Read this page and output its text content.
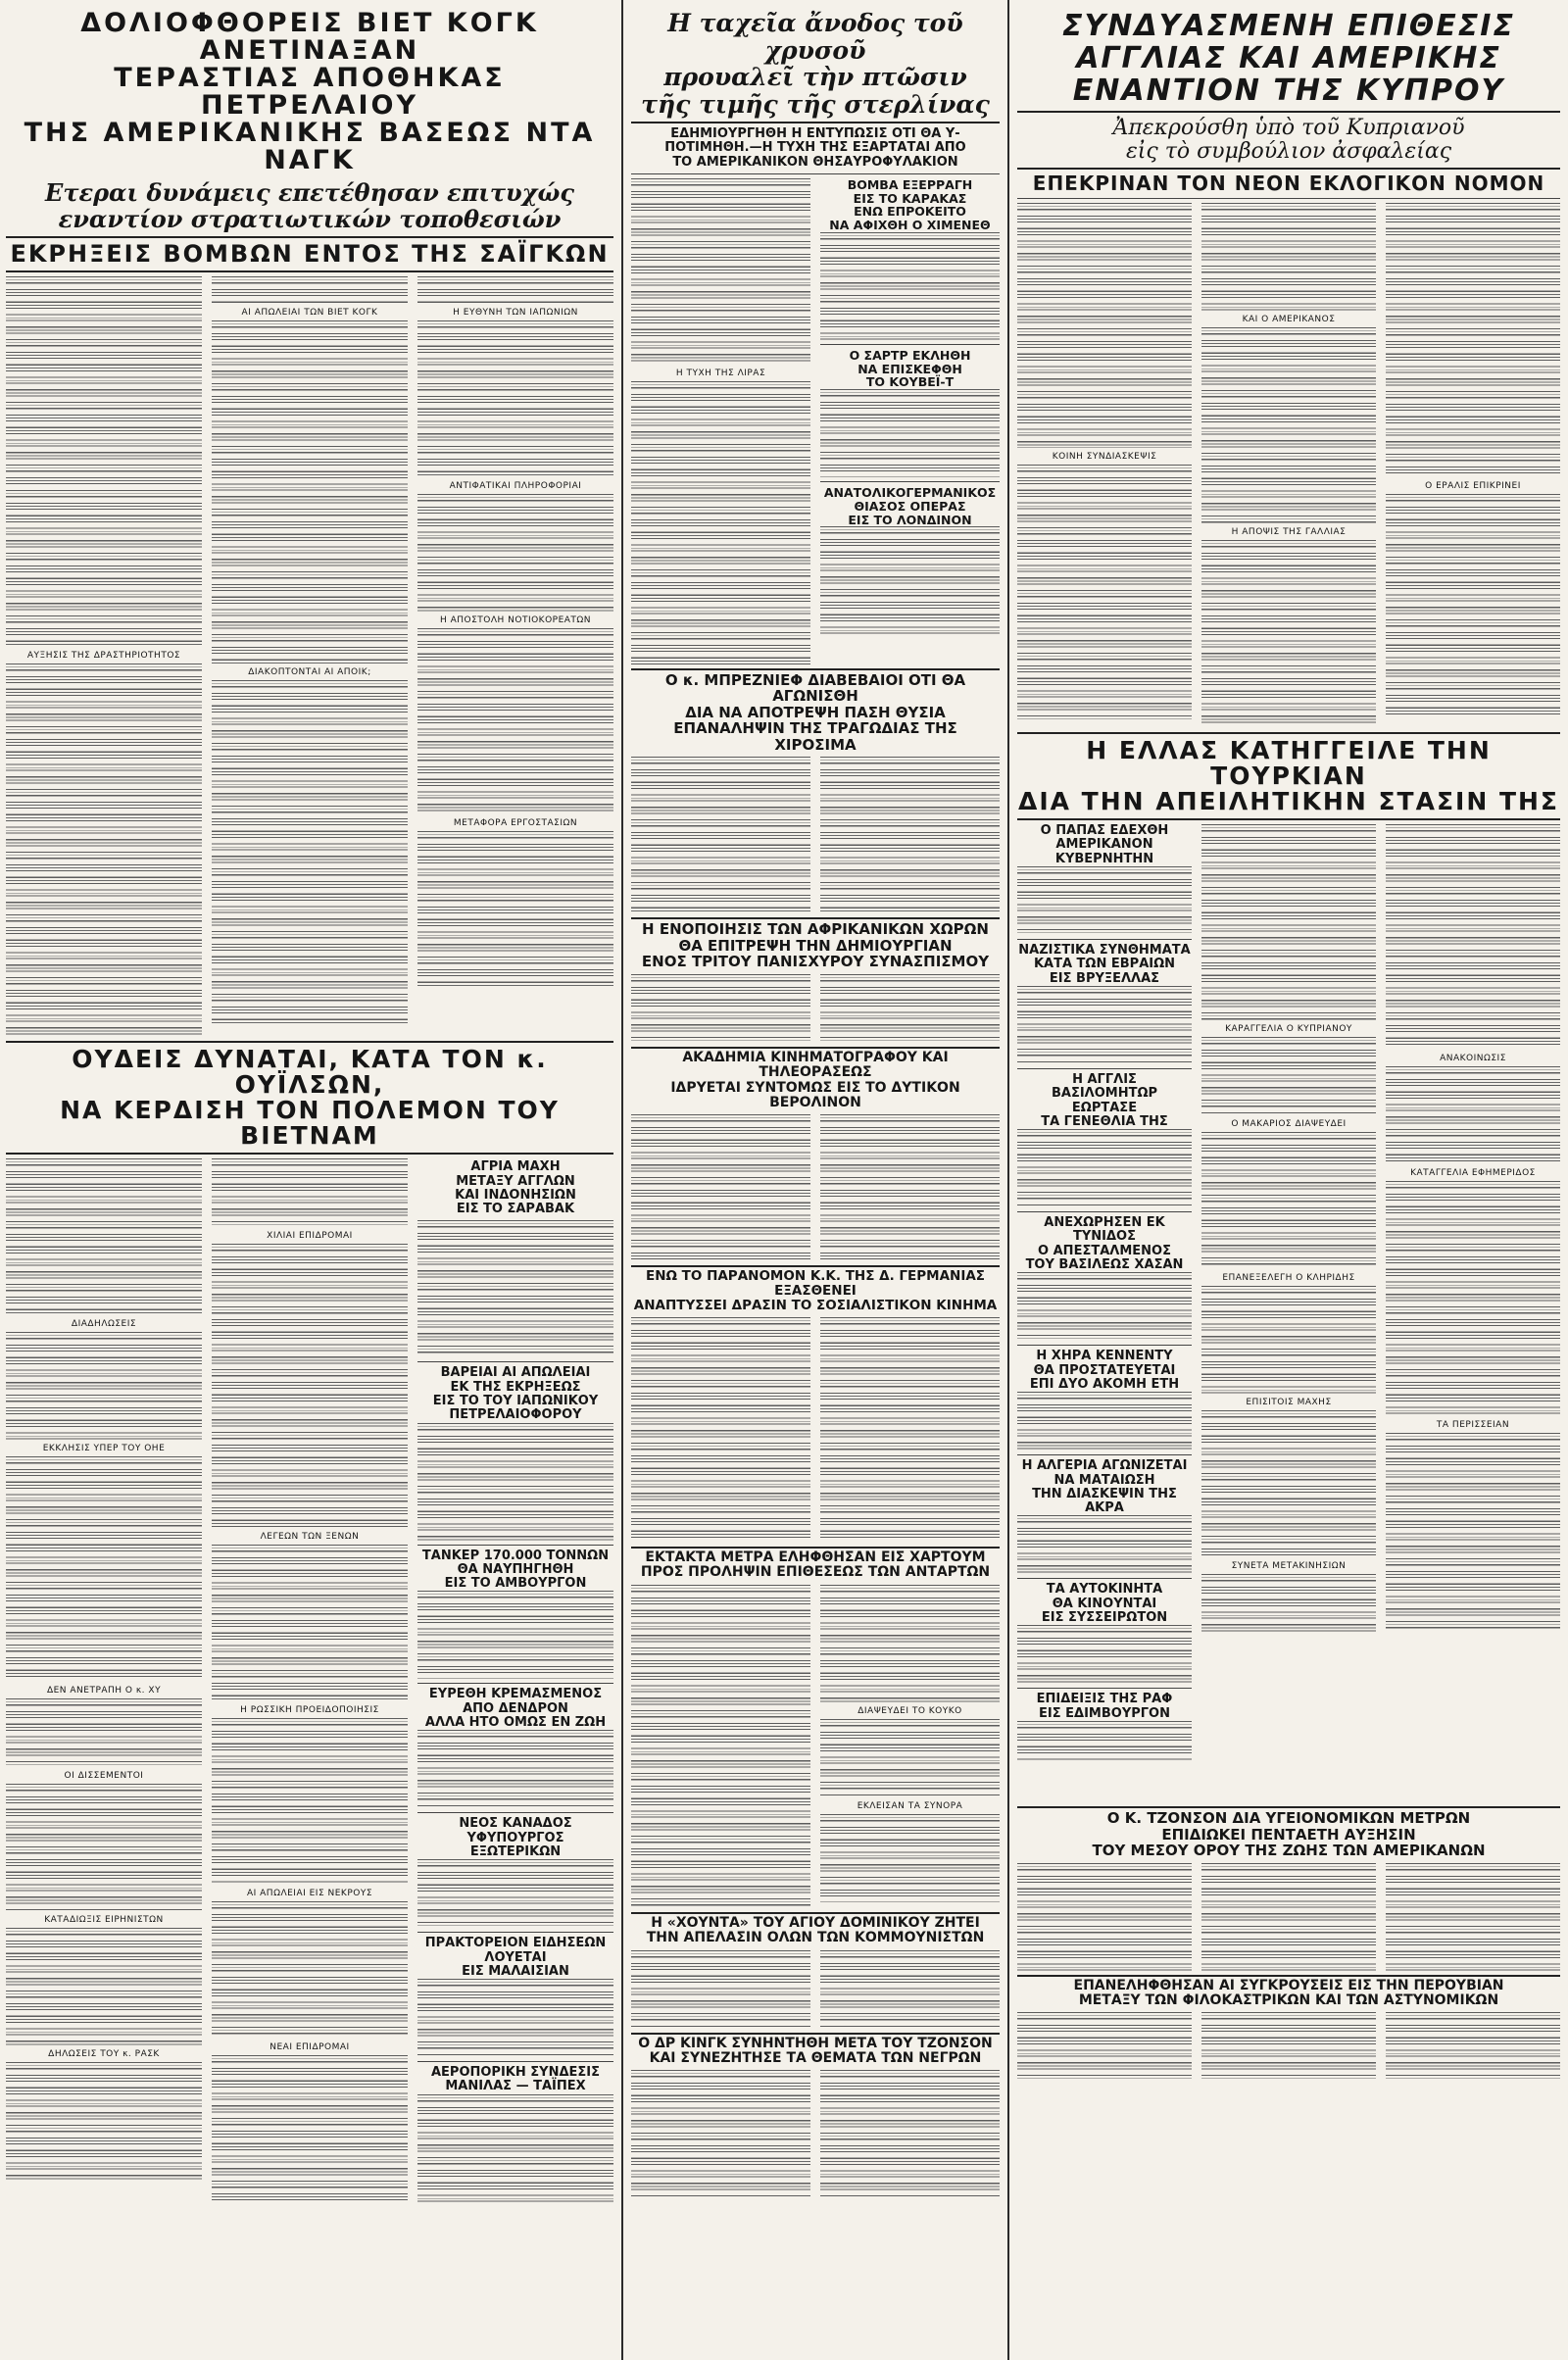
ΔΟΛΙΟΦΘΟΡΕΙΣ ΒΙΕΤ ΚΟΓΚ ΑΝΕΤΙΝΑΞΑΝ
ΤΕΡΑΣΤΙΑΣ ΑΠΟΘΗΚΑΣ ΠΕΤΡΕΛΑΙΟΥ
ΤΗΣ ΑΜΕΡΙΚΑΝΙΚΗΣ ΒΑΣΕΩΣ ΝΤΑ ΝΑΓΚ
Ετεραι δυνάμεις επετέθησαν επιτυχώς
εναντίον στρατιωτικών τοποθεσιών
ΕΚΡΗΞΕΙΣ ΒΟΜΒΩΝ ΕΝΤΟΣ ΤΗΣ ΣΑΪΓΚΩΝ

ΑΥΞΗΣΙΣ ΤΗΣ ΔΡΑΣΤΗΡΙΟΤΗΤΟΣ

ΑΙ ΑΠΩΛΕΙΑΙ ΤΩΝ ΒΙΕΤ ΚΟΓΚ

ΔΙΑΚΟΠΤΟΝΤΑΙ ΑΙ ΑΠΟΙΚ;

Η ΕΥΘΥΝΗ ΤΩΝ ΙΑΠΩΝΙΩΝ

ΑΝΤΙΦΑΤΙΚΑΙ ΠΛΗΡΟΦΟΡΙΑΙ

Η ΑΠΟΣΤΟΛΗ ΝΟΤΙΟΚΟΡΕΑΤΩΝ

ΜΕΤΑΦΟΡΑ ΕΡΓΟΣΤΑΣΙΩΝ

ΟΥΔΕΙΣ ΔΥΝΑΤΑΙ, ΚΑΤΑ ΤΟΝ κ. ΟΥΪΛΣΩΝ,
ΝΑ ΚΕΡΔΙΣΗ ΤΟΝ ΠΟΛΕΜΟΝ ΤΟΥ ΒΙΕΤΝΑΜ

ΔΙΑΔΗΛΩΣΕΙΣ

ΕΚΚΛΗΣΙΣ ΥΠΕΡ ΤΟΥ ΟΗΕ

ΔΕΝ ΑΝΕΤΡΑΠΗ Ο κ. ΧΥ

ΟΙ ΔΙΣΣΕΜΕΝΤΟΙ

ΚΑΤΑΔΙΩΞΙΣ ΕΙΡΗΝΙΣΤΩΝ

ΔΗΛΩΣΕΙΣ ΤΟΥ κ. ΡΑΣΚ

ΧΙΛΙΑΙ ΕΠΙΔΡΟΜΑΙ

ΛΕΓΕΩΝ ΤΩΝ ΞΕΝΩΝ

Η ΡΩΣΣΙΚΗ ΠΡΟΕΙΔΟΠΟΙΗΣΙΣ

ΑΙ ΑΠΩΛΕΙΑΙ ΕΙΣ ΝΕΚΡΟΥΣ

ΝΕΑΙ ΕΠΙΔΡΟΜΑΙ

ΑΓΡΙΑ ΜΑΧΗ
ΜΕΤΑΞΥ ΑΓΓΛΩΝ
ΚΑΙ ΙΝΔΟΝΗΣΙΩΝ
ΕΙΣ ΤΟ ΣΑΡΑΒΑΚ

ΒΑΡΕΙΑΙ ΑΙ ΑΠΩΛΕΙΑΙ
ΕΚ ΤΗΣ ΕΚΡΗΞΕΩΣ
ΕΙΣ ΤΟ ΤΟΥ ΙΑΠΩΝΙΚΟΥ
ΠΕΤΡΕΛΑΙΟΦΟΡΟΥ

ΤΑΝΚΕΡ 170.000 ΤΟΝΝΩΝ
ΘΑ ΝΑΥΠΗΓΗΘΗ
ΕΙΣ ΤΟ ΑΜΒΟΥΡΓΟΝ

ΕΥΡΕΘΗ ΚΡΕΜΑΣΜΕΝΟΣ
ΑΠΟ ΔΕΝΔΡΟΝ
ΑΛΛΑ ΗΤΟ ΟΜΩΣ ΕΝ ΖΩΗ

ΝΕΟΣ ΚΑΝΑΔΟΣ
ΥΦΥΠΟΥΡΓΟΣ
ΕΞΩΤΕΡΙΚΩΝ

ΠΡΑΚΤΟΡΕΙΟΝ ΕΙΔΗΣΕΩΝ
ΛΟΥΕΤΑΙ
ΕΙΣ ΜΑΛΑΙΣΙΑΝ

ΑΕΡΟΠΟΡΙΚΗ ΣΥΝΔΕΣΙΣ
ΜΑΝΙΛΑΣ — ΤΑΪΠΕΧ

Η ταχεῖα ἄνοδος τοῦ χρυσοῦ
προυαλεῖ τὴν πτῶσιν
τῆς τιμῆς τῆς στερλίνας
ΕΔΗΜΙΟΥΡΓΗΘΗ Η ΕΝΤΥΠΩΣΙΣ ΟΤΙ ΘΑ Υ-
ΠΟΤΙΜΗΘΗ.—Η ΤΥΧΗ ΤΗΣ ΕΞΑΡΤΑΤΑΙ ΑΠΟ
ΤΟ ΑΜΕΡΙΚΑΝΙΚΟΝ ΘΗΣΑΥΡΟΦΥΛΑΚΙΟΝ

Η ΤΥΧΗ ΤΗΣ ΛΙΡΑΣ

ΒΟΜΒΑ ΕΞΕΡΡΑΓΗ
ΕΙΣ ΤΟ ΚΑΡΑΚΑΣ
ΕΝΩ ΕΠΡΟΚΕΙΤΟ
ΝΑ ΑΦΙΧΘΗ Ο ΧΙΜΕΝΕΘ

Ο ΣΑΡΤΡ ΕΚΛΗΘΗ
ΝΑ ΕΠΙΣΚΕΦΘΗ
ΤΟ ΚΟΥΒΕΪ-Τ

ΑΝΑΤΟΛΙΚΟΓΕΡΜΑΝΙΚΟΣ
ΘΙΑΣΟΣ ΟΠΕΡΑΣ
ΕΙΣ ΤΟ ΛΟΝΔΙΝΟΝ

Ο κ. ΜΠΡΕΖΝΙΕΦ ΔΙΑΒΕΒΑΙΟΙ ΟΤΙ ΘΑ ΑΓΩΝΙΣΘΗ
ΔΙΑ ΝΑ ΑΠΟΤΡΕΨΗ ΠΑΣΗ ΘΥΣΙΑ
ΕΠΑΝΑΛΗΨΙΝ ΤΗΣ ΤΡΑΓΩΔΙΑΣ ΤΗΣ ΧΙΡΟΣΙΜΑ

Η ΕΝΟΠΟΙΗΣΙΣ ΤΩΝ ΑΦΡΙΚΑΝΙΚΩΝ ΧΩΡΩΝ
ΘΑ ΕΠΙΤΡΕΨΗ ΤΗΝ ΔΗΜΙΟΥΡΓΙΑΝ
ΕΝΟΣ ΤΡΙΤΟΥ ΠΑΝΙΣΧΥΡΟΥ ΣΥΝΑΣΠΙΣΜΟΥ

ΑΚΑΔΗΜΙΑ ΚΙΝΗΜΑΤΟΓΡΑΦΟΥ ΚΑΙ ΤΗΛΕΟΡΑΣΕΩΣ
ΙΔΡΥΕΤΑΙ ΣΥΝΤΟΜΩΣ ΕΙΣ ΤΟ ΔΥΤΙΚΟΝ ΒΕΡΟΛΙΝΟΝ

ΕΝΩ ΤΟ ΠΑΡΑΝΟΜΟΝ Κ.Κ. ΤΗΣ Δ. ΓΕΡΜΑΝΙΑΣ ΕΞΑΣΘΕΝΕΙ
ΑΝΑΠΤΥΣΣΕΙ ΔΡΑΣΙΝ ΤΟ ΣΟΣΙΑΛΙΣΤΙΚΟΝ ΚΙΝΗΜΑ

ΕΚΤΑΚΤΑ ΜΕΤΡΑ ΕΛΗΦΘΗΣΑΝ ΕΙΣ ΧΑΡΤΟΥΜ
ΠΡΟΣ ΠΡΟΛΗΨΙΝ ΕΠΙΘΕΣΕΩΣ ΤΩΝ ΑΝΤΑΡΤΩΝ

ΔΙΑΨΕΥΔΕΙ ΤΟ ΚΟΥΚΟ

ΕΚΛΕΙΣΑΝ ΤΑ ΣΥΝΟΡΑ

Η «ΧΟΥΝΤΑ» ΤΟΥ ΑΓΙΟΥ ΔΟΜΙΝΙΚΟΥ ΖΗΤΕΙ
ΤΗΝ ΑΠΕΛΑΣΙΝ ΟΛΩΝ ΤΩΝ ΚΟΜΜΟΥΝΙΣΤΩΝ

Ο ΔΡ ΚΙΝΓΚ ΣΥΝΗΝΤΗΘΗ ΜΕΤΑ ΤΟΥ ΤΖΟΝΣΟΝ
ΚΑΙ ΣΥΝΕΖΗΤΗΣΕ ΤΑ ΘΕΜΑΤΑ ΤΩΝ ΝΕΓΡΩΝ

ΣΥΝΔΥΑΣΜΕΝΗ ΕΠΙΘΕΣΙΣ
ΑΓΓΛΙΑΣ ΚΑΙ ΑΜΕΡΙΚΗΣ
ΕΝΑΝΤΙΟΝ ΤΗΣ ΚΥΠΡΟΥ
Ἀπεκρούσθη ὑπὸ τοῦ Κυπριανοῦ
εἰς τὸ συμβούλιον ἀσφαλείας
ΕΠΕΚΡΙΝΑΝ ΤΟΝ ΝΕΟΝ ΕΚΛΟΓΙΚΟΝ ΝΟΜΟΝ

ΚΟΙΝΗ ΣΥΝΔΙΑΣΚΕΨΙΣ

ΚΑΙ Ο ΑΜΕΡΙΚΑΝΟΣ

Η ΑΠΟΨΙΣ ΤΗΣ ΓΑΛΛΙΑΣ

Ο ΕΡΑΛΙΣ ΕΠΙΚΡΙΝΕΙ

Η ΕΛΛΑΣ ΚΑΤΗΓΓΕΙΛΕ ΤΗΝ ΤΟΥΡΚΙΑΝ
ΔΙΑ ΤΗΝ ΑΠΕΙΛΗΤΙΚΗΝ ΣΤΑΣΙΝ ΤΗΣ
Ο ΠΑΠΑΣ ΕΔΕΧΘΗ
ΑΜΕΡΙΚΑΝΟΝ
ΚΥΒΕΡΝΗΤΗΝ

ΝΑΖΙΣΤΙΚΑ ΣΥΝΘΗΜΑΤΑ
ΚΑΤΑ ΤΩΝ ΕΒΡΑΙΩΝ
ΕΙΣ ΒΡΥΞΕΛΛΑΣ

Η ΑΓΓΛΙΣ ΒΑΣΙΛΟΜΗΤΩΡ
ΕΩΡΤΑΣΕ
ΤΑ ΓΕΝΕΘΛΙΑ ΤΗΣ

ΑΝΕΧΩΡΗΣΕΝ ΕΚ ΤΥΝΙΔΟΣ
Ο ΑΠΕΣΤΑΛΜΕΝΟΣ
ΤΟΥ ΒΑΣΙΛΕΩΣ ΧΑΣΑΝ

Η ΧΗΡΑ ΚΕΝΝΕΝΤΥ
ΘΑ ΠΡΟΣΤΑΤΕΥΕΤΑΙ
ΕΠΙ ΔΥΟ ΑΚΟΜΗ ΕΤΗ

Η ΑΛΓΕΡΙΑ ΑΓΩΝΙΖΕΤΑΙ
ΝΑ ΜΑΤΑΙΩΣΗ
ΤΗΝ ΔΙΑΣΚΕΨΙΝ ΤΗΣ ΑΚΡΑ

ΤΑ ΑΥΤΟΚΙΝΗΤΑ
ΘΑ ΚΙΝΟΥΝΤΑΙ
ΕΙΣ ΣΥΣΣΕΙΡΩΤΟΝ

ΕΠΙΔΕΙΞΙΣ ΤΗΣ ΡΑΦ
ΕΙΣ ΕΔΙΜΒΟΥΡΓΟΝ

ΚΑΡΑΓΓΕΛΙΑ Ο ΚΥΠΡΙΑΝΟΥ

Ο ΜΑΚΑΡΙΟΣ ΔΙΑΨΕΥΔΕΙ

ΕΠΑΝΕΞΕΛΕΓΗ Ο ΚΛΗΡΙΔΗΣ

ΕΠΙΣΙΤΟΙΣ ΜΑΧΗΣ

ΣΥΝΕΤΑ ΜΕΤΑΚΙΝΗΣΙΩΝ

ΑΝΑΚΟΙΝΩΣΙΣ

ΚΑΤΑΓΓΕΛΙΑ ΕΦΗΜΕΡΙΔΟΣ

ΤΑ ΠΕΡΙΣΣΕΙΑΝ

Ο Κ. ΤΖΟΝΣΟΝ ΔΙΑ ΥΓΕΙΟΝΟΜΙΚΩΝ ΜΕΤΡΩΝ
ΕΠΙΔΙΩΚΕΙ ΠΕΝΤΑΕΤΗ ΑΥΞΗΣΙΝ
ΤΟΥ ΜΕΣΟΥ ΟΡΟΥ ΤΗΣ ΖΩΗΣ ΤΩΝ ΑΜΕΡΙΚΑΝΩΝ

ΕΠΑΝΕΛΗΦΘΗΣΑΝ ΑΙ ΣΥΓΚΡΟΥΣΕΙΣ ΕΙΣ ΤΗΝ ΠΕΡΟΥΒΙΑΝ
ΜΕΤΑΞΥ ΤΩΝ ΦΙΛΟΚΑΣΤΡΙΚΩΝ ΚΑΙ ΤΩΝ ΑΣΤΥΝΟΜΙΚΩΝ
